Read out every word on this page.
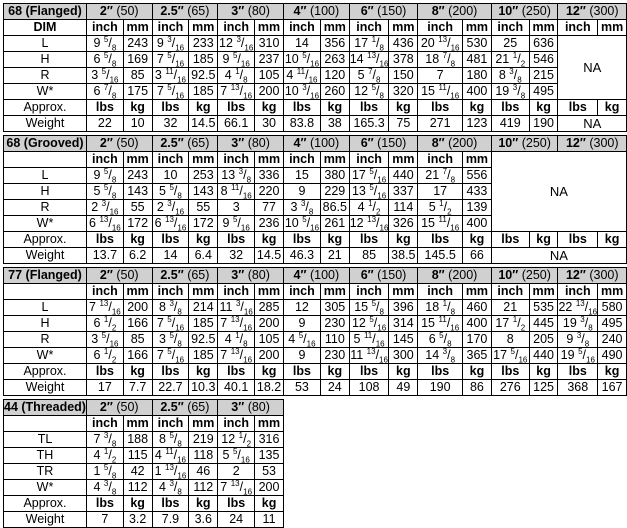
68 (Flanged)	2″ (50)		2.5″ (65)		3″ (80)		4″ (100)		6″ (150)		8″ (200)		10″ (250)		12″ (300)	
DIM	inch	mm	inch	mm	inch	mm	inch	mm	inch	mm	inch	mm	inch	mm	inch	mm
L	9 $^5/_8$	243	9 $^3/_{16}$	233	12 $^3/_{16}$	310	14	356	17 $^1/_8$	436	20 $^{13}/_{16}$	530	25	636	NA	
H	6 $^5/_8$	169	7 $^5/_{16}$	185	9 $^5/_{16}$	237	10 $^5/_{16}$	263	14 $^{13}/_{16}$	378	18 $^7/_8$	481	21 $^1/_2$	546		
R	3 $^5/_{16}$	85	3 $^{11}/_{16}$	92.5	4 $^1/_8$	105	4 $^{11}/_{16}$	120	5 $^7/_8$	150	7	180	8 $^3/_8$	215		
W*	6 $^7/_8$	175	7 $^5/_{16}$	185	7 $^{13}/_{16}$	200	10 $^3/_{16}$	260	12 $^5/_8$	320	15 $^{11}/_{16}$	400	19 $^3/_8$	495		
Approx.	lbs	kg	lbs	kg	lbs	kg	lbs	kg	lbs	kg	lbs	kg	lbs	kg	lbs	kg
Weight	22	10	32	14.5	66.1	30	83.8	38	165.3	75	271	123	419	190	NA	

68 (Grooved)	2″ (50)		2.5″ (65)		3″ (80)		4″ (100)		6″ (150)		8″ (200)		10″ (250)		12″ (300)	
	inch	mm	inch	mm	inch	mm	inch	mm	inch	mm	inch	mm	NA			
L	9 $^5/_8$	243	10	253	13 $^3/_8$	336	15	380	17 $^5/_{16}$	440	21 $^7/_8$	556				
H	5 $^5/_8$	143	5 $^5/_8$	143	8 $^{11}/_{16}$	220	9	229	13 $^5/_{16}$	337	17	433				
R	2 $^3/_{16}$	55	2 $^3/_{16}$	55	3	77	3 $^3/_8$	86.5	4 $^1/_2$	114	5 $^1/_2$	139				
W*	6 $^{13}/_{16}$	172	6 $^{13}/_{16}$	172	9 $^5/_{16}$	236	10 $^5/_{16}$	261	12 $^{13}/_{16}$	326	15 $^{11}/_{16}$	400				
Approx.	lbs	kg	lbs	kg	lbs	kg	lbs	kg	lbs	kg	lbs	kg	lbs	kg	lbs	kg
Weight	13.7	6.2	14	6.4	32	14.5	46.3	21	85	38.5	145.5	66	NA			

77 (Flanged)	2″ (50)		2.5″ (65)		3″ (80)		4″ (100)		6″ (150)		8″ (200)		10″ (250)		12″ (300)	
	inch	mm	inch	mm	inch	mm	inch	mm	inch	mm	inch	mm	inch	mm	inch	mm
L	7 $^{13}/_{16}$	200	8 $^3/_8$	214	11 $^3/_{16}$	285	12	305	15 $^5/_8$	396	18 $^1/_8$	460	21	535	22 $^{13}/_{16}$	580
H	6 $^1/_2$	166	7 $^5/_{16}$	185	7 $^{13}/_{16}$	200	9	230	12 $^5/_{16}$	314	15 $^{11}/_{16}$	400	17 $^1/_2$	445	19 $^3/_8$	495
R	3 $^5/_{16}$	85	3 $^5/_8$	92.5	4 $^1/_8$	105	4 $^5/_{16}$	110	5 $^{11}/_{16}$	145	6 $^5/_8$	170	8	205	9 $^3/_8$	240
W*	6 $^1/_2$	166	7 $^5/_{16}$	185	7 $^{13}/_{16}$	200	9	230	11 $^{13}/_{16}$	300	14 $^3/_8$	365	17 $^5/_{16}$	440	19 $^5/_{16}$	490
Approx.	lbs	kg	lbs	kg	lbs	kg	lbs	kg	lbs	kg	lbs	kg	lbs	kg	lbs	kg
Weight	17	7.7	22.7	10.3	40.1	18.2	53	24	108	49	190	86	276	125	368	167

44 (Threaded)	2″ (50)		2.5″ (65)		3″ (80)											
	inch	mm	inch	mm	inch	mm										
TL	7 $^3/_8$	188	8 $^5/_8$	219	12 $^1/_2$	316										
TH	4 $^1/_2$	115	4 $^{11}/_{16}$	118	5 $^5/_{16}$	135										
TR	1 $^5/_8$	42	1 $^{13}/_{16}$	46	2	53										
W*	4 $^3/_8$	112	4 $^3/_8$	112	7 $^{13}/_{16}$	200										
Approx.	lbs	kg	lbs	kg	lbs	kg										
Weight	7	3.2	7.9	3.6	24	11										
